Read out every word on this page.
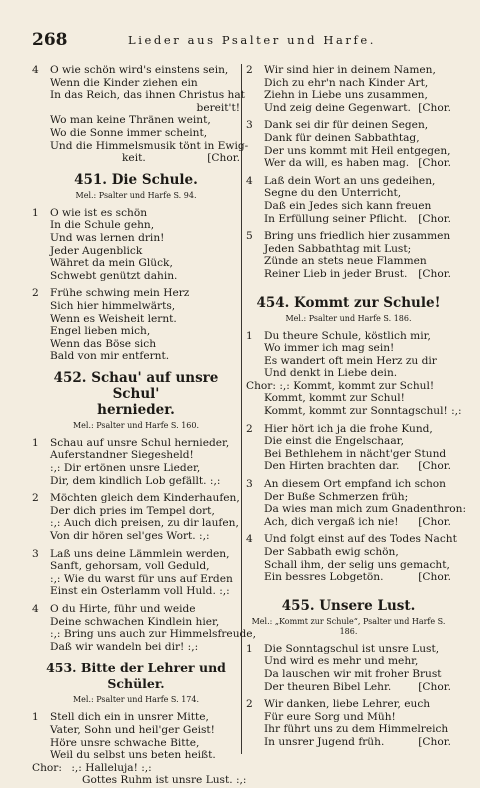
268	Lieder aus Psalter und Harfe.
4 O wie schön wird's einstens sein,
Wenn die Kinder ziehen ein
In das Reich, das ihnen Christus hat
bereit't!
Wo man keine Thränen weint,
Wo die Sonne immer scheint,
Und die Himmelsmusik tönt in Ewig-
keit.	[Chor.
451. Die Schule.
Mel.: Psalter und Harfe S. 94.
1 O wie ist es schön
In die Schule gehn,
Und was lernen drin!
Jeder Augenblick
Währet da mein Glück,
Schwebt genützt dahin.
2 Frühe schwing mein Herz
Sich hier himmelwärts,
Wenn es Weisheit lernt.
Engel lieben mich,
Wenn das Böse sich
Bald von mir entfernt.
452. Schau' auf unsre Schul'
hernieder.
Mel.: Psalter und Harfe S. 160.
1 Schau auf unsre Schul hernieder,
Auferstandner Siegesheld!
:,: Dir ertönen unsre Lieder,
Dir, dem kindlich Lob gefällt. :,:
2 Möchten gleich dem Kinderhaufen,
Der dich pries im Tempel dort,
:,: Auch dich preisen, zu dir laufen,
Von dir hören sel'ges Wort. :,:
3 Laß uns deine Lämmlein werden,
Sanft, gehorsam, voll Geduld,
:,: Wie du warst für uns auf Erden
Einst ein Osterlamm voll Huld. :,:
4 O du Hirte, führ und weide
Deine schwachen Kindlein hier,
:,: Bring uns auch zur Himmelsfreude,
Daß wir wandeln bei dir! :,:
453. Bitte der Lehrer und Schüler.
Mel.: Psalter und Harfe S. 174.
1 Stell dich ein in unsrer Mitte,
Vater, Sohn und heil'ger Geist!
Höre unsre schwache Bitte,
Weil du selbst uns beten heißt.
Chor: :,: Halleluja! :,:
Gottes Ruhm ist unsre Lust. :,:
2 Wir sind hier in deinem Namen,
Dich zu ehr'n nach Kinder Art,
Ziehn in Liebe uns zusammen,
Und zeig deine Gegenwart. [Chor.
3 Dank sei dir für deinen Segen,
Dank für deinen Sabbathtag,
Der uns kommt mit Heil entgegen,
Wer da will, es haben mag. [Chor.
4 Laß dein Wort an uns gedeihen,
Segne du den Unterricht,
Daß ein Jedes sich kann freuen
In Erfüllung seiner Pflicht. [Chor.
5 Bring uns friedlich hier zusammen
Jeden Sabbathtag mit Lust;
Zünde an stets neue Flammen
Reiner Lieb in jeder Brust. [Chor.
454. Kommt zur Schule!
Mel.: Psalter und Harfe S. 186.
1 Du theure Schule, köstlich mir,
Wo immer ich mag sein!
Es wandert oft mein Herz zu dir
Und denkt in Liebe dein.
Chor: :,: Kommt, kommt zur Schul!
Kommt, kommt zur Schul!
Kommt, kommt zur Sonntagschul! :,:
2 Hier hört ich ja die frohe Kund,
Die einst die Engelschaar,
Bei Bethlehem in nächt'ger Stund
Den Hirten brachten dar. [Chor.
3 An diesem Ort empfand ich schon
Der Buße Schmerzen früh;
Da wies man mich zum Gnadenthron:
Ach, dich vergaß ich nie! [Chor.
4 Und folgt einst auf des Todes Nacht
Der Sabbath ewig schön,
Schall ihm, der selig uns gemacht,
Ein bessres Lobgetön.	[Chor.
455. Unsere Lust.
Mel.: „Kommt zur Schule“, Psalter und Harfe S. 186.
1 Die Sonntagschul ist unsre Lust,
Und wird es mehr und mehr,
Da lauschen wir mit froher Brust
Der theuren Bibel Lehr.	[Chor.
2 Wir danken, liebe Lehrer, euch
Für eure Sorg und Müh!
Ihr führt uns zu dem Himmelreich
In unsrer Jugend früh.	[Chor.
